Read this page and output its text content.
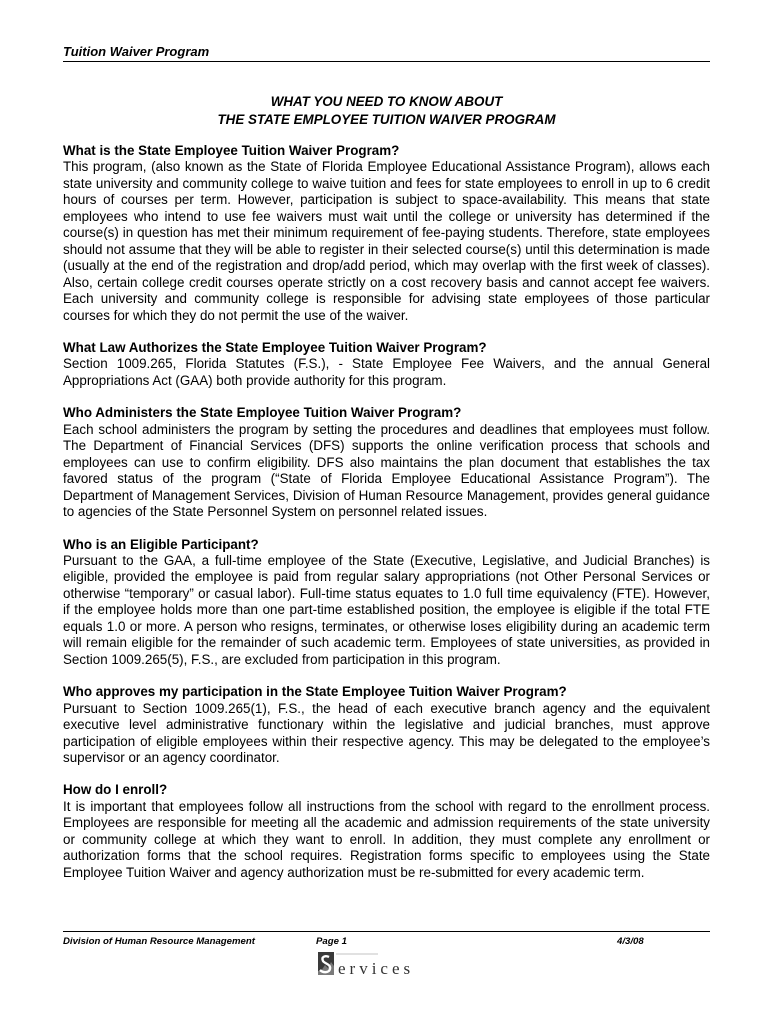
Tuition Waiver Program
WHAT YOU NEED TO KNOW ABOUT
THE STATE EMPLOYEE TUITION WAIVER PROGRAM
What is the State Employee Tuition Waiver Program?

This program, (also known as the State of Florida Employee Educational Assistance Program), allows each state university and community college to waive tuition and fees for state employees to enroll in up to 6 credit hours of courses per term. However, participation is subject to space-availability. This means that state employees who intend to use fee waivers must wait until the college or university has determined if the course(s) in question has met their minimum requirement of fee-paying students. Therefore, state employees should not assume that they will be able to register in their selected course(s) until this determination is made (usually at the end of the registration and drop/add period, which may overlap with the first week of classes). Also, certain college credit courses operate strictly on a cost recovery basis and cannot accept fee waivers. Each university and community college is responsible for advising state employees of those particular courses for which they do not permit the use of the waiver.

What Law Authorizes the State Employee Tuition Waiver Program?

Section 1009.265, Florida Statutes (F.S.), - State Employee Fee Waivers, and the annual General Appropriations Act (GAA) both provide authority for this program.

Who Administers the State Employee Tuition Waiver Program?

Each school administers the program by setting the procedures and deadlines that employees must follow. The Department of Financial Services (DFS) supports the online verification process that schools and employees can use to confirm eligibility. DFS also maintains the plan document that establishes the tax favored status of the program (“State of Florida Employee Educational Assistance Program”). The Department of Management Services, Division of Human Resource Management, provides general guidance to agencies of the State Personnel System on personnel related issues.

Who is an Eligible Participant?

Pursuant to the GAA, a full-time employee of the State (Executive, Legislative, and Judicial Branches) is eligible, provided the employee is paid from regular salary appropriations (not Other Personal Services or otherwise “temporary” or casual labor). Full-time status equates to 1.0 full time equivalency (FTE). However, if the employee holds more than one part-time established position, the employee is eligible if the total FTE equals 1.0 or more. A person who resigns, terminates, or otherwise loses eligibility during an academic term will remain eligible for the remainder of such academic term. Employees of state universities, as provided in Section 1009.265(5), F.S., are excluded from participation in this program.

Who approves my participation in the State Employee Tuition Waiver Program?

Pursuant to Section 1009.265(1), F.S., the head of each executive branch agency and the equivalent executive level administrative functionary within the legislative and judicial branches, must approve participation of eligible employees within their respective agency. This may be delegated to the employee’s supervisor or an agency coordinator.

How do I enroll?

It is important that employees follow all instructions from the school with regard to the enrollment process. Employees are responsible for meeting all the academic and admission requirements of the state university or community college at which they want to enroll. In addition, they must complete any enrollment or authorization forms that the school requires. Registration forms specific to employees using the State Employee Tuition Waiver and agency authorization must be re-submitted for every academic term.

Division of Human Resource Management	Page 1	4/3/08
ervices
